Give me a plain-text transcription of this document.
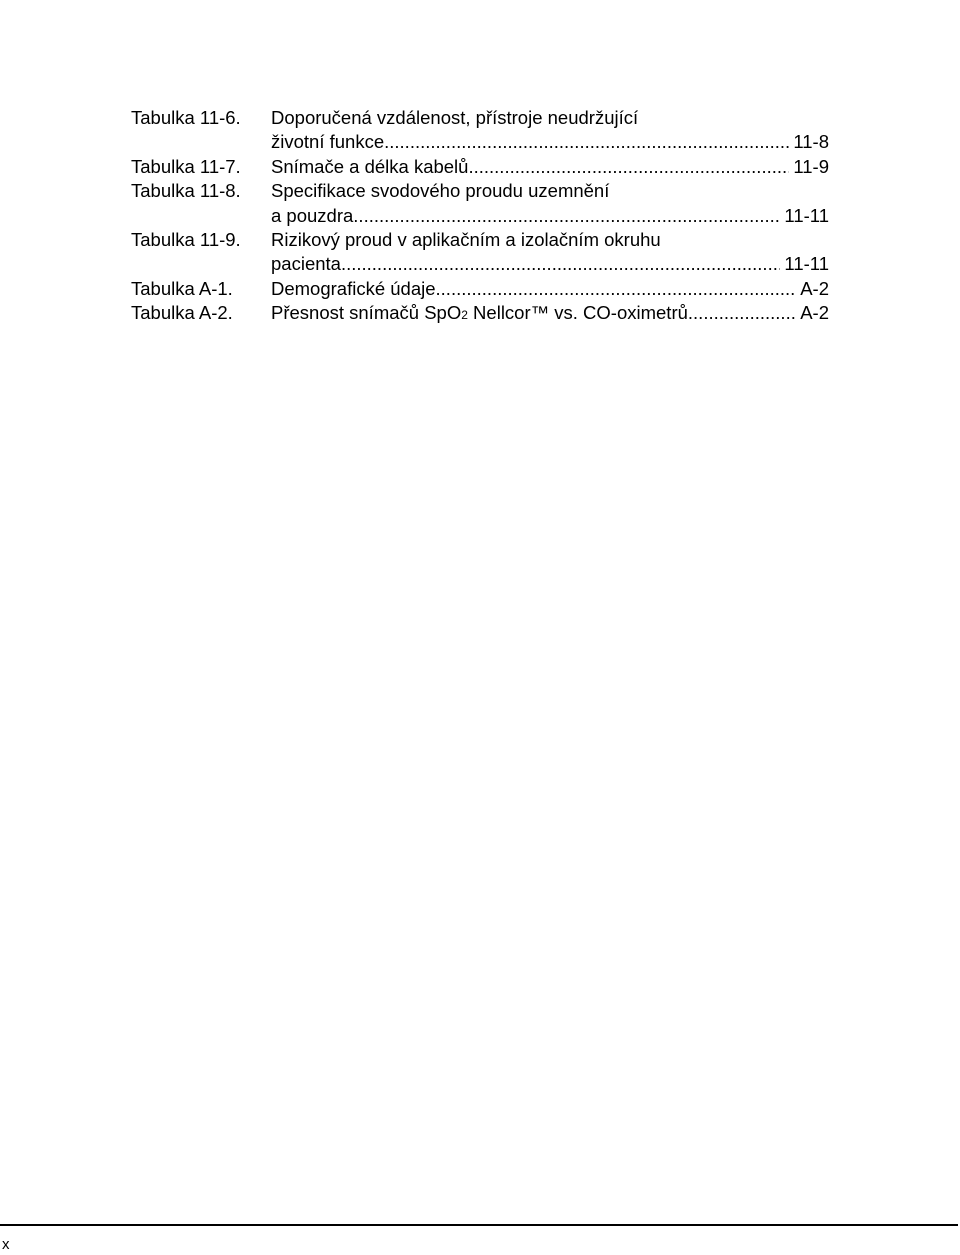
Tabulka 11-6.	Doporučená vzdálenost, přístroje neudržující
životní funkce .....	11-8
Tabulka 11-7.	Snímače a délka kabelů .....	11-9
Tabulka 11-8.	Specifikace svodového proudu uzemnění
a pouzdra .....	11-11
Tabulka 11-9.	Rizikový proud v aplikačním a izolačním okruhu
pacienta .....	11-11
Tabulka A-1.	Demografické údaje .....	A-2
Tabulka A-2.	Přesnost snímačů SpO2 Nellcor™ vs. CO-oximetrů .....	A-2
x
